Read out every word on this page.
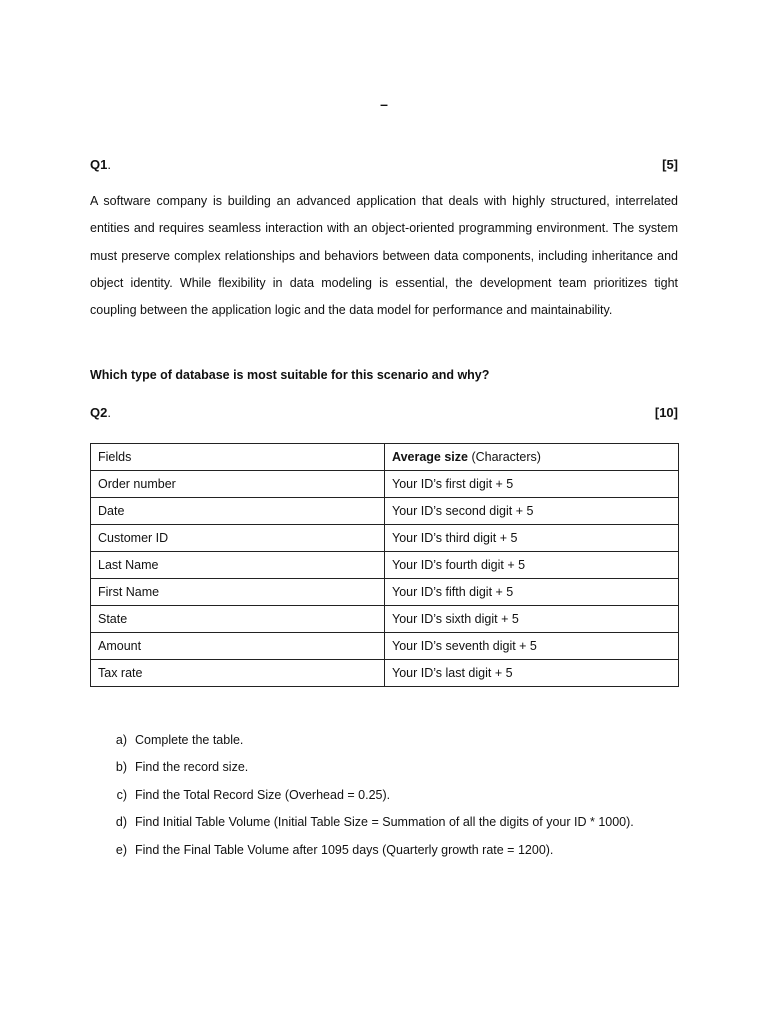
–
Q1.	[5]
A software company is building an advanced application that deals with highly structured, interrelated entities and requires seamless interaction with an object-oriented programming environment. The system must preserve complex relationships and behaviors between data components, including inheritance and object identity. While flexibility in data modeling is essential, the development team prioritizes tight coupling between the application logic and the data model for performance and maintainability.
Which type of database is most suitable for this scenario and why?
Q2.	[10]
Fields	Average size (Characters)
Order number	Your ID’s first digit + 5
Date	Your ID’s second digit + 5
Customer ID	Your ID’s third digit + 5
Last Name	Your ID’s fourth digit + 5
First Name	Your ID’s fifth digit + 5
State	Your ID’s sixth digit + 5
Amount	Your ID’s seventh digit + 5
Tax rate	Your ID’s last digit + 5
a) Complete the table.
b) Find the record size.
c) Find the Total Record Size (Overhead = 0.25).
d) Find Initial Table Volume (Initial Table Size = Summation of all the digits of your ID * 1000).
e) Find the Final Table Volume after 1095 days (Quarterly growth rate = 1200).
